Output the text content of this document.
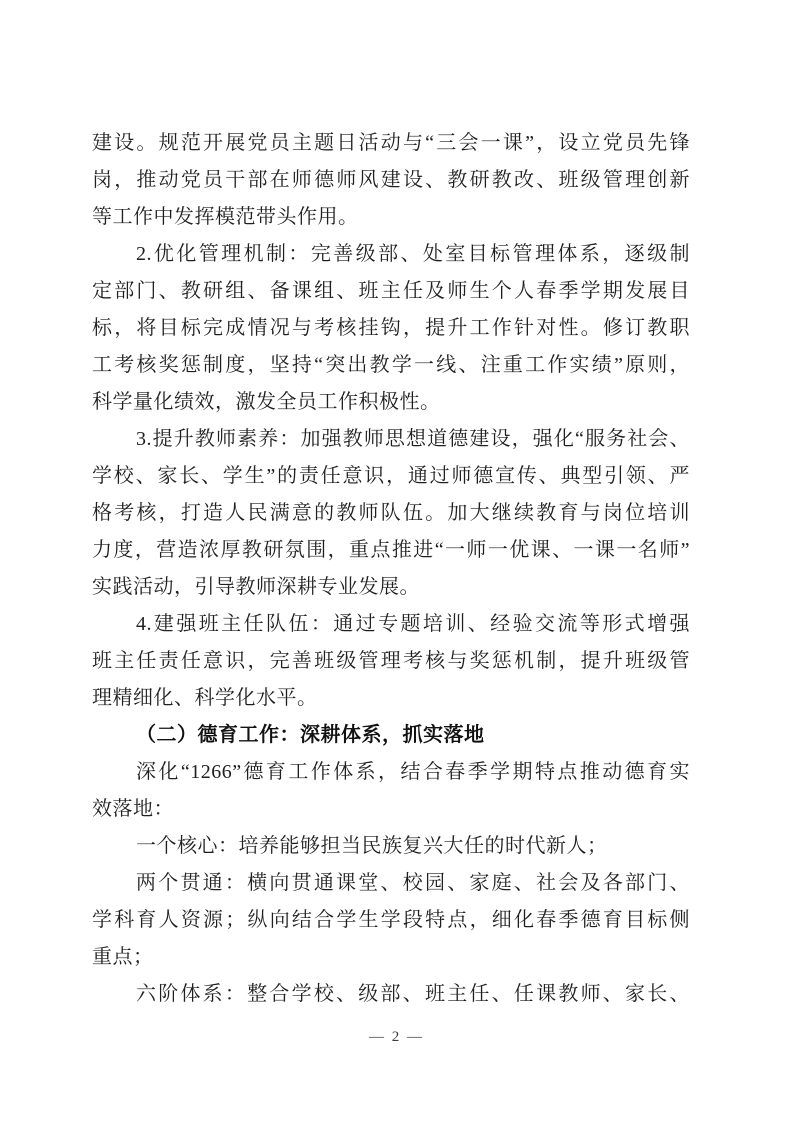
建设。规范开展党员主题日活动与“三会一课”，设立党员先锋
岗，推动党员干部在师德师风建设、教研教改、班级管理创新
等工作中发挥模范带头作用。
2.优化管理机制：完善级部、处室目标管理体系，逐级制
定部门、教研组、备课组、班主任及师生个人春季学期发展目
标，将目标完成情况与考核挂钩，提升工作针对性。修订教职
工考核奖惩制度，坚持“突出教学一线、注重工作实绩”原则，
科学量化绩效，激发全员工作积极性。
3.提升教师素养：加强教师思想道德建设，强化“服务社会、
学校、家长、学生”的责任意识，通过师德宣传、典型引领、严
格考核，打造人民满意的教师队伍。加大继续教育与岗位培训
力度，营造浓厚教研氛围，重点推进“一师一优课、一课一名师”
实践活动，引导教师深耕专业发展。
4.建强班主任队伍：通过专题培训、经验交流等形式增强
班主任责任意识，完善班级管理考核与奖惩机制，提升班级管
理精细化、科学化水平。
（二）德育工作：深耕体系，抓实落地
深化“1266”德育工作体系，结合春季学期特点推动德育实
效落地：
一个核心：培养能够担当民族复兴大任的时代新人；
两个贯通：横向贯通课堂、校园、家庭、社会及各部门、
学科育人资源；纵向结合学生学段特点，细化春季德育目标侧
重点；
六阶体系：整合学校、级部、班主任、任课教师、家长、
— 2 —
